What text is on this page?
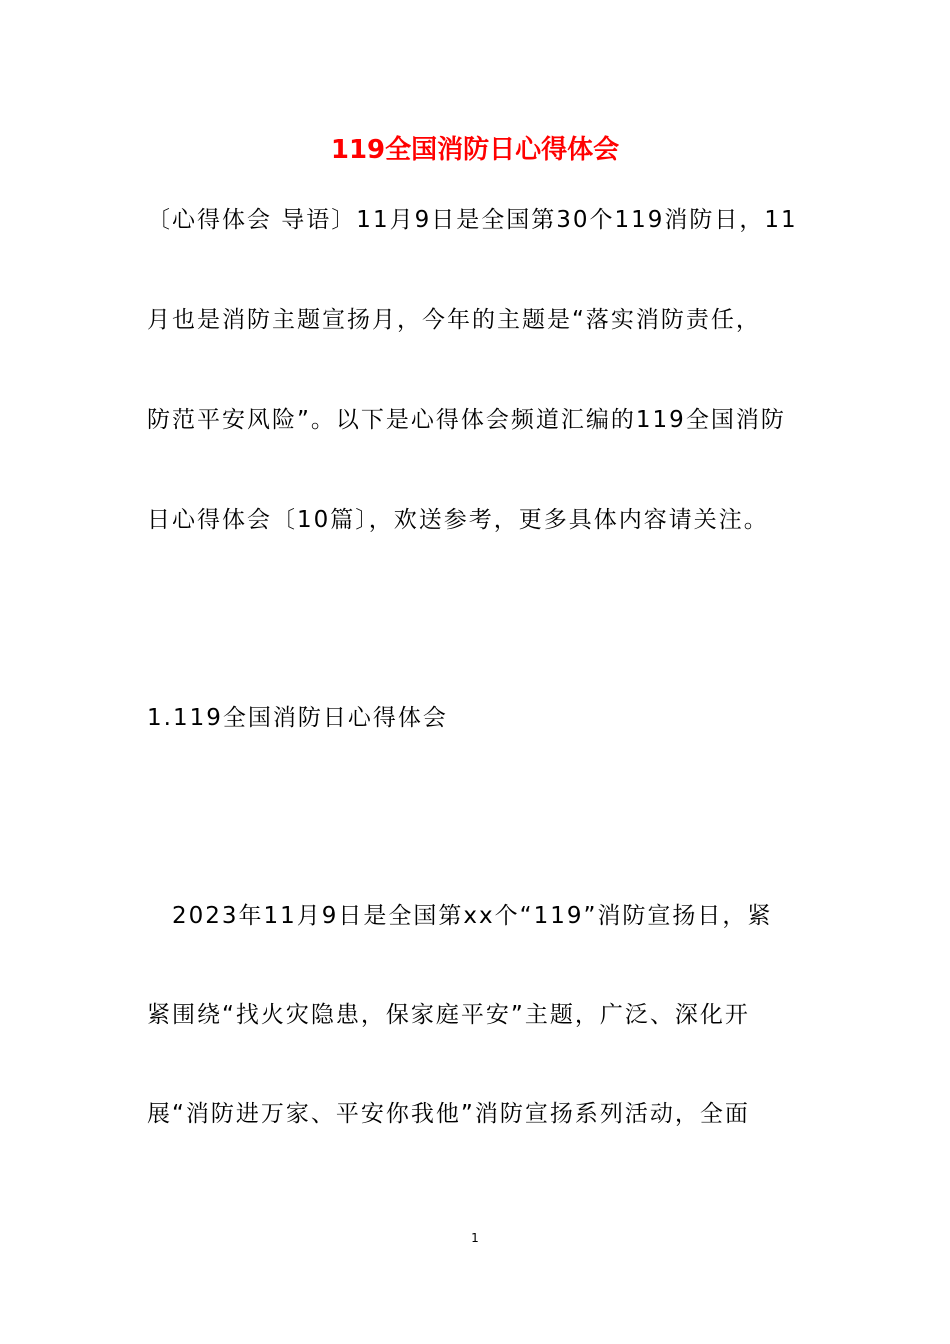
119全国消防日心得体会
〔心得体会 导语〕11月9日是全国第30个119消防日，11
月也是消防主题宣扬月，今年的主题是“落实消防责任，
防范平安风险”。以下是心得体会频道汇编的119全国消防
日心得体会〔10篇〕，欢送参考，更多具体内容请关注。
1.119全国消防日心得体会
2023年11月9日是全国第xx个“119”消防宣扬日，紧
紧围绕“找火灾隐患，保家庭平安”主题，广泛、深化开
展“消防进万家、平安你我他”消防宣扬系列活动，全面
1
